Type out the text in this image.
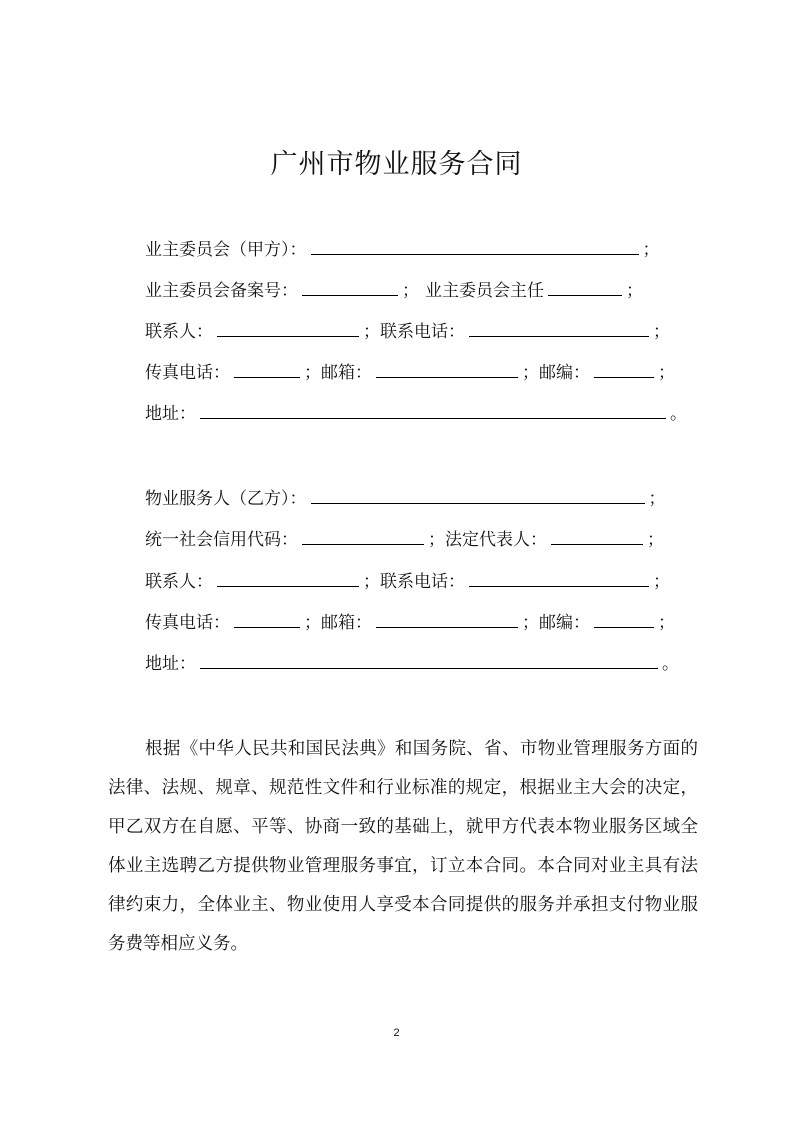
广州市物业服务合同
业主委员会（甲方）：	；
业主委员会备案号：	； 业主委员会主任	；
联系人：	； 联系电话：	；
传真电话：	； 邮箱：	； 邮编：	；
地址：	。
物业服务人（乙方）：	；
统一社会信用代码：	； 法定代表人：	；
联系人：	； 联系电话：	；
传真电话：	； 邮箱：	； 邮编：	；
地址：	。

根据《中华人民共和国民法典》和国务院、省、市物业管理服务方面的法律、法规、规章、规范性文件和行业标准的规定，根据业主大会的决定，甲乙双方在自愿、平等、协商一致的基础上，就甲方代表本物业服务区域全体业主选聘乙方提供物业管理服务事宜，订立本合同。本合同对业主具有法律约束力，全体业主、物业使用人享受本合同提供的服务并承担支付物业服务费等相应义务。

2
